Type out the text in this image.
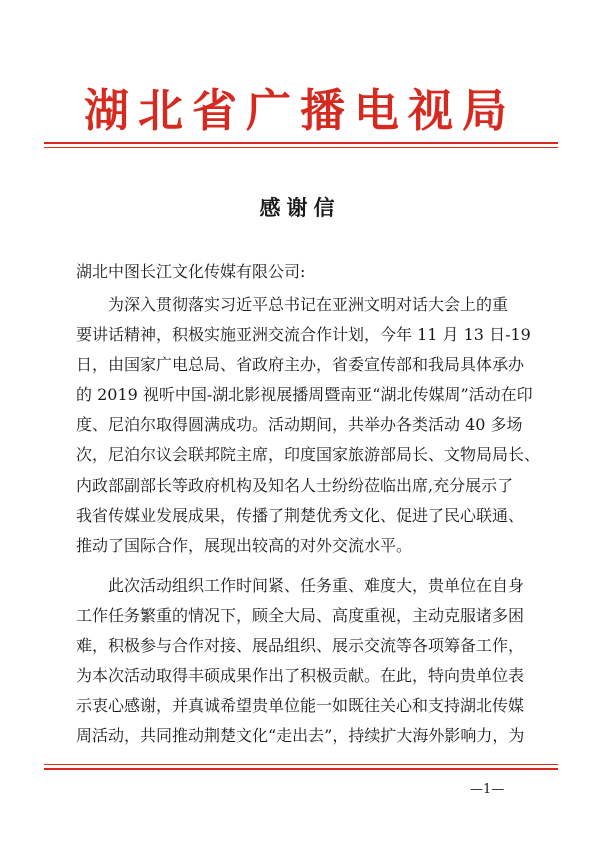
湖北省广播电视局
感谢信
湖北中图长江文化传媒有限公司:
为深入贯彻落实习近平总书记在亚洲文明对话大会上的重
要讲话精神，积极实施亚洲交流合作计划，今年 11 月 13 日-19
日，由国家广电总局、省政府主办，省委宣传部和我局具体承办
的 2019 视听中国-湖北影视展播周暨南亚“湖北传媒周”活动在印
度、尼泊尔取得圆满成功。活动期间，共举办各类活动 40 多场
次，尼泊尔议会联邦院主席，印度国家旅游部局长、文物局局长、
内政部副部长等政府机构及知名人士纷纷莅临出席,充分展示了
我省传媒业发展成果，传播了荆楚优秀文化、促进了民心联通、
推动了国际合作，展现出较高的对外交流水平。
此次活动组织工作时间紧、任务重、难度大，贵单位在自身
工作任务繁重的情况下，顾全大局、高度重视，主动克服诸多困
难，积极参与合作对接、展品组织、展示交流等各项筹备工作，
为本次活动取得丰硕成果作出了积极贡献。在此，特向贵单位表
示衷心感谢，并真诚希望贵单位能一如既往关心和支持湖北传媒
周活动，共同推动荆楚文化“走出去”，持续扩大海外影响力，为
—1—
